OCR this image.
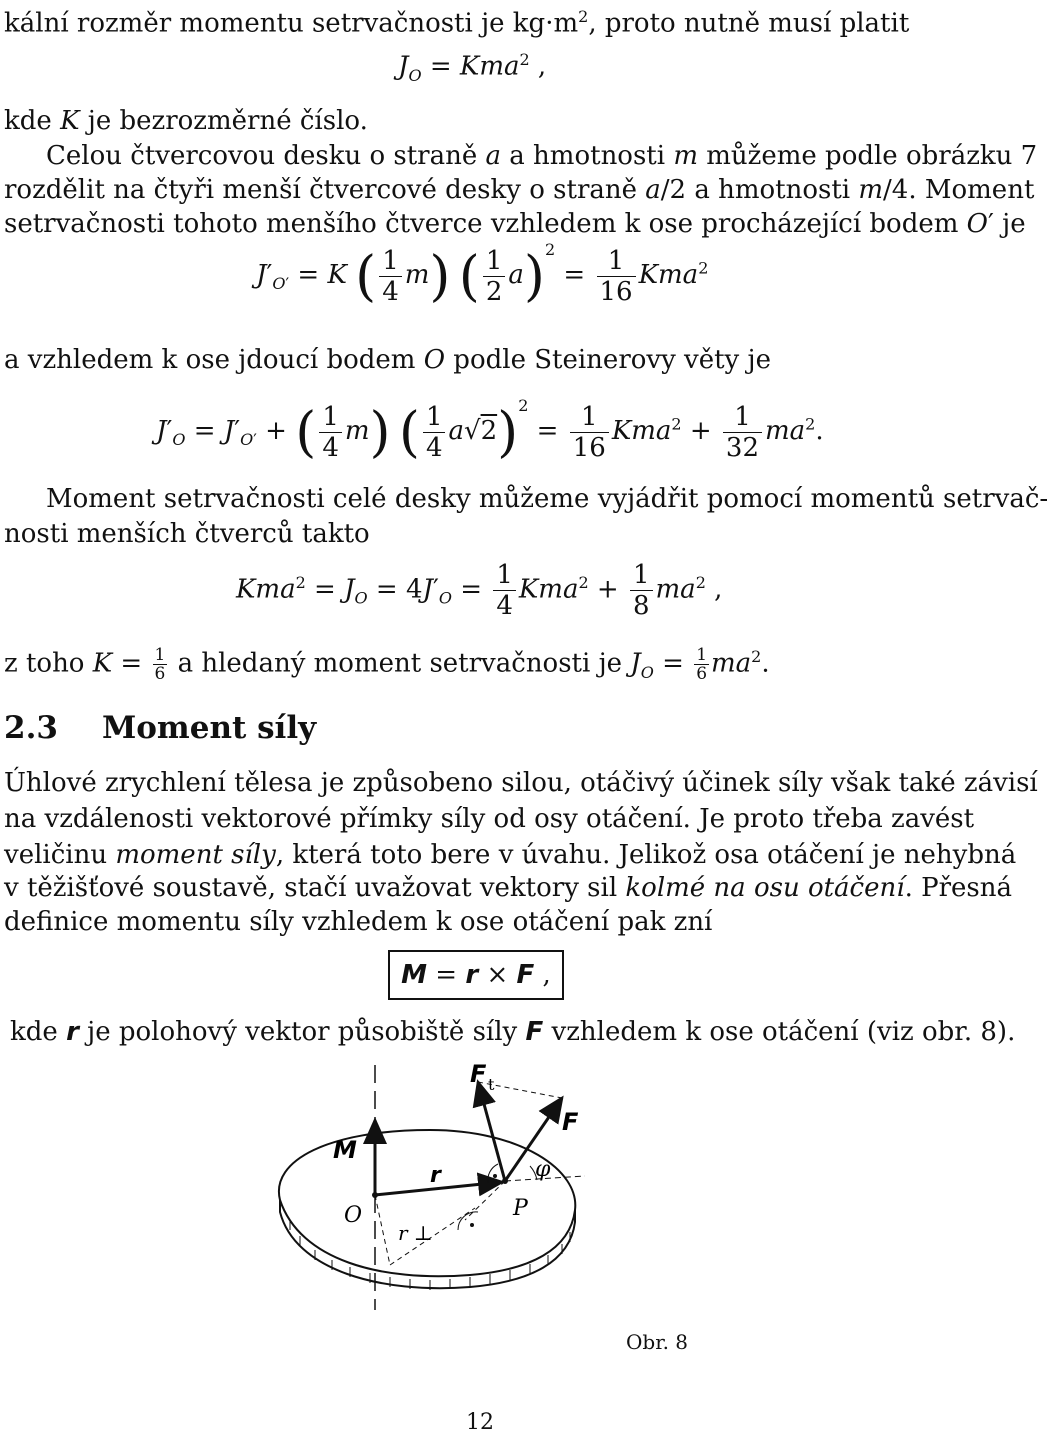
kální rozměr momentu setrvačnosti je $kg\cdot m^2$, proto nutně musí platit
$J_O = Kma^2$ ,
kde K je bezrozměrné číslo.
Celou čtvercovou desku o straně a a hmotnosti m můžeme podle obrázku 7
rozdělit na čtyři menší čtvercové desky o straně a/2 a hmotnosti m/4. Moment
setrvačnosti tohoto menšího čtverce vzhledem k ose procházející bodem O′ je
$J'_{O'} = K$ ( $\frac{1}{4} m$) ( $\frac{1}{2} a)^2 = \frac{1}{16} Kma^2$
a vzhledem k ose jdoucí bodem O podle Steinerovy věty je
$J'_O = J'_{O'}$ + ( $\frac{1}{4} m$) ( $\frac{1}{4} a√2)^2 = \frac{1}{16} Kma^2 + \frac{1}{32} ma^2$.
Moment setrvačnosti celé desky můžeme vyjádřit pomocí momentů setrvač-
nosti menších čtverců takto
$Kma^2 = J_O = 4J'_O = \frac{1}{4} Kma^2 + \frac{1}{8} ma^2$ ,
z toho $K = \frac{1}{6}$ a hledaný moment setrvačnosti je $J_O = \frac{1}{6} ma^2$.
2.3 Moment síly
Úhlové zrychlení tělesa je způsobeno silou, otáčivý účinek síly však také závisí
na vzdálenosti vektorové přímky síly od osy otáčení. Je proto třeba zavést
veličinu moment síly, která toto bere v úvahu. Jelikož osa otáčení je nehybná
v těžišťové soustavě, stačí uvažovat vektory sil kolmé na osu otáčení. Přesná
definice momentu síly vzhledem k ose otáčení pak zní
M = r × F ,
kde r je polohový vektor působiště síly F vzhledem k ose otáčení (viz obr. 8).
F t
F
M
r	φ
O	P
r ⊥
Obr. 8
12
